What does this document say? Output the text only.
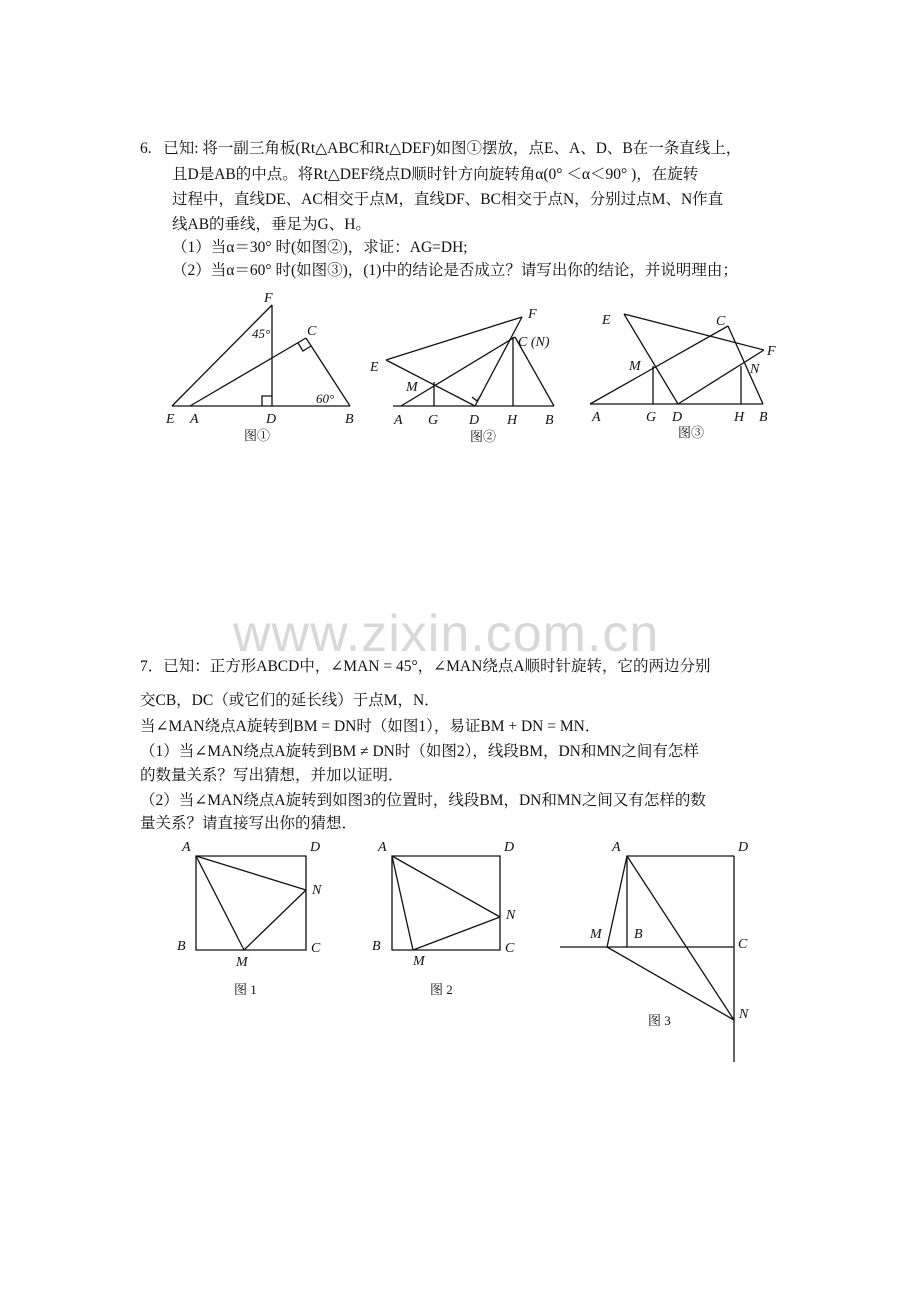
6. 已知: 将一副三角板(Rt△ABC和Rt△DEF)如图①摆放，点E、A、D、B在一条直线上，
且D是AB的中点。将Rt△DEF绕点D顺时针方向旋转角α(0° ＜α＜90° )，在旋转
过程中，直线DE、AC相交于点M，直线DF、BC相交于点N，分别过点M、N作直
线AB的垂线，垂足为G、H。
（1）当α＝30° 时(如图②)，求证：AG=DH;
（2）当α＝60° 时(如图③)，(1)中的结论是否成立？请写出你的结论，并说明理由；
www.zixin.com.cn
7．已知：正方形ABCD中，∠MAN = 45°，∠MAN绕点A顺时针旋转，它的两边分别
交CB，DC（或它们的延长线）于点M，N．
当∠MAN绕点A旋转到BM = DN时（如图1），易证BM + DN = MN．
（1）当∠MAN绕点A旋转到BM ≠ DN时（如图2），线段BM，DN和MN之间有怎样
的数量关系？写出猜想，并加以证明．
（2）当∠MAN绕点A旋转到如图3的位置时，线段BM，DN和MN之间又有怎样的数
量关系？请直接写出你的猜想．
F
C
45°
60°
E A	D	B
图①
F
C (N)
E
M
A G D H B
图②
E	C
F
M	N
A	G D	H B
图③
A	D
N
B
M
C
图 1
A	D
N
B
M
C
图 2
A	D
M B
C
N
图 3
